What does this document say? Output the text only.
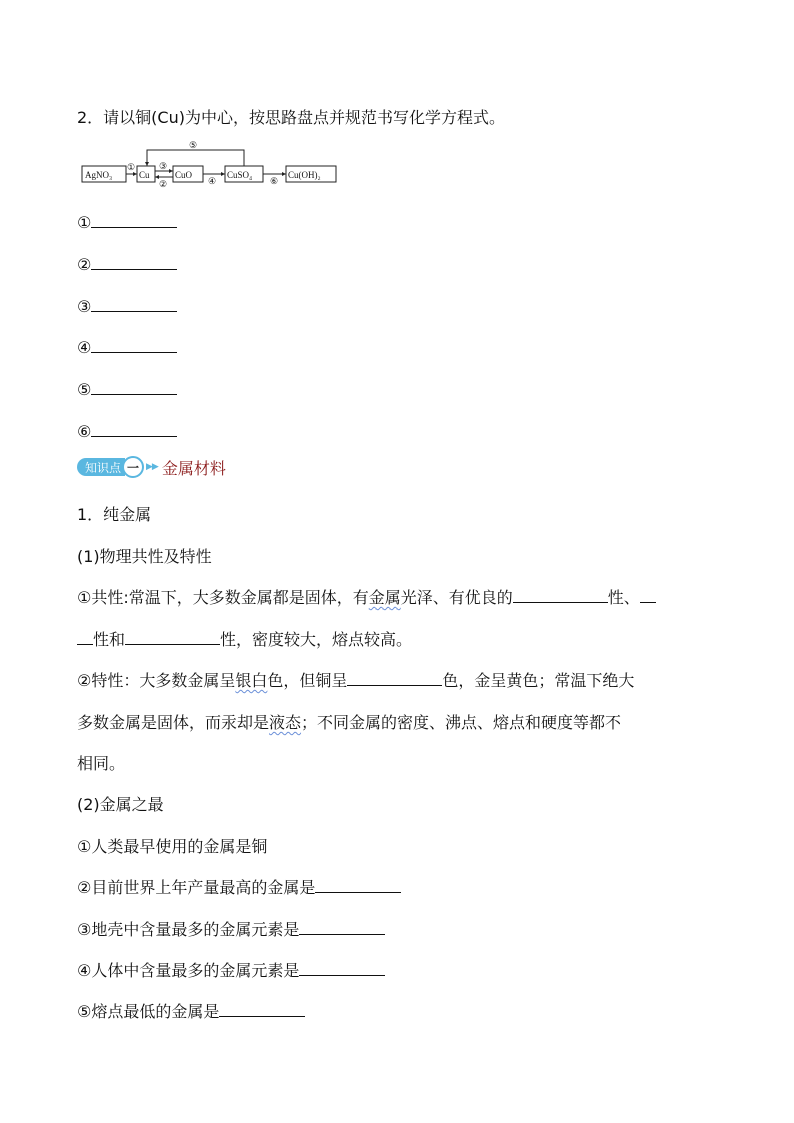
2．请以铜(Cu)为中心，按思路盘点并规范书写化学方程式。
AgNO₃	Cu	CuO	CuSO₄	Cu(OH)₂
①
②
③
④
⑤
⑥
①
②
③
④
⑤
⑥
知识点 一 ▶▶ 金属材料
1．纯金属
(1)物理共性及特性
①共性:常温下，大多数金属都是固体，有金属光泽、有优良的	性、
性和	性，密度较大，熔点较高。
②特性：大多数金属呈银白色，但铜呈	色，金呈黄色；常温下绝大
多数金属是固体，而汞却是液态；不同金属的密度、沸点、熔点和硬度等都不
相同。
(2)金属之最
①人类最早使用的金属是铜
②目前世界上年产量最高的金属是
③地壳中含量最多的金属元素是
④人体中含量最多的金属元素是
⑤熔点最低的金属是
